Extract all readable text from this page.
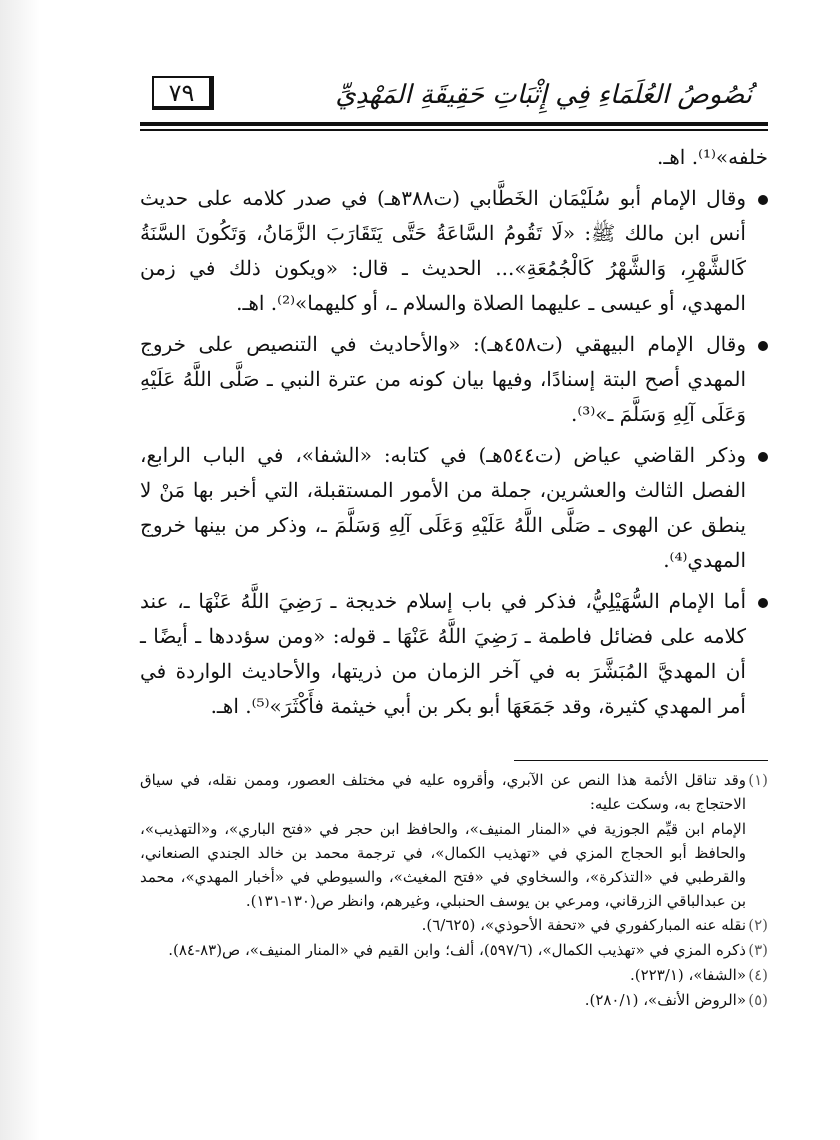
نُصُوصُ العُلَمَاءِ فِي إِثْبَاتِ حَقِيقَةِ المَهْدِيِّ
٧٩

خلفه»⁽¹⁾. اهـ.

وقال الإمام أبو سُلَيْمَان الخَطَّابي (ت٣٨٨هـ) في صدر كلامه على حديث أنس ابن مالك ﷺ: «لَا تَقُومُ السَّاعَةُ حَتَّى يَتَقَارَبَ الزَّمَانُ، وَتَكُونَ السَّنَةُ كَالشَّهْرِ، وَالشَّهْرُ كَالْجُمُعَةِ»... الحديث ـ قال: «ويكون ذلك في زمن المهدي، أو عيسى ـ عليهما الصلاة والسلام ـ، أو كليهما»⁽²⁾. اهـ.

وقال الإمام البيهقي (ت٤٥٨هـ): «والأحاديث في التنصيص على خروج المهدي أصح البتة إسنادًا، وفيها بيان كونه من عترة النبي ـ صَلَّى اللَّهُ عَلَيْهِ وَعَلَى آلِهِ وَسَلَّمَ ـ»⁽³⁾.

وذكر القاضي عياض (ت٥٤٤هـ) في كتابه: «الشفا»، في الباب الرابع، الفصل الثالث والعشرين، جملة من الأمور المستقبلة، التي أخبر بها مَنْ لا ينطق عن الهوى ـ صَلَّى اللَّهُ عَلَيْهِ وَعَلَى آلِهِ وَسَلَّمَ ـ، وذكر من بينها خروج المهدي⁽⁴⁾.

أما الإمام السُّهَيْلِيُّ، فذكر في باب إسلام خديجة ـ رَضِيَ اللَّهُ عَنْهَا ـ، عند كلامه على فضائل فاطمة ـ رَضِيَ اللَّهُ عَنْهَا ـ قوله: «ومن سؤددها ـ أيضًا ـ أن المهديَّ المُبَشَّرَ به في آخر الزمان من ذريتها، والأحاديث الواردة في أمر المهدي كثيرة، وقد جَمَعَهَا أبو بكر بن أبي خيثمة فأَكْثَرَ»⁽⁵⁾. اهـ.

(١)
وقد تناقل الأئمة هذا النص عن الآبري، وأقروه عليه في مختلف العصور، وممن نقله، في سياق الاحتجاج به، وسكت عليه:

الإمام ابن قيِّم الجوزية في «المنار المنيف»، والحافظ ابن حجر في «فتح الباري»، و«التهذيب»، والحافظ أبو الحجاج المزي في «تهذيب الكمال»، في ترجمة محمد بن خالد الجندي الصنعاني، والقرطبي في «التذكرة»، والسخاوي في «فتح المغيث»، والسيوطي في «أخبار المهدي»، محمد بن عبدالباقي الزرقاني، ومرعي بن يوسف الحنبلي، وغيرهم، وانظر ص(١٣٠-١٣١).

(٢)
نقله عنه المباركفوري في «تحفة الأحوذي»، (٦/٦٢٥).

(٣)
ذكره المزي في «تهذيب الكمال»، (٥٩٧/٦)، ألف؛ وابن القيم في «المنار المنيف»، ص(٨٣-٨٤).

(٤)
«الشفا»، (٢٢٣/١).

(٥)
«الروض الأنف»، (٢٨٠/١).
